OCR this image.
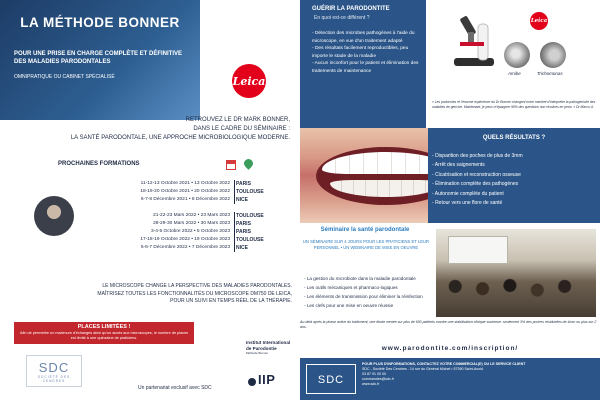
LA MÉTHODE BONNER
POUR UNE PRISE EN CHARGE COMPLÈTE ET DÉFINITIVE DES MALADIES PARODONTALES
OMNIPRATIQUE OU CABINET SPÉCIALISÉ	Leica
RETROUVEZ LE DR MARK BONNER,
DANS LE CADRE DU SÉMINAIRE :
LA SANTÉ PARODONTALE, UNE APPROCHE MICROBIOLOGIQUE MODERNE.
PROCHAINES FORMATIONS
11-12-13 Octobre 2021 • 13 Octobre 2022
18-19-20 Octobre 2021 • 20 Octobre 2022
6-7-8 Décembre 2021 • 8 Décembre 2022
21-22-23 Mars 2022 • 23 Mars 2023
28-29-30 Mars 2022 • 30 Mars 2023
3-4-5 Octobre 2022 • 5 Octobre 2023
17-18-19 Octobre 2022 • 19 Octobre 2023
5-6-7 Décembre 2022 • 7 Décembre 2023
PARIS
TOULOUSE
NICE
TOULOUSE
PARIS
PARIS
TOULOUSE
NICE
LE MICROSCOPE CHANGE LA PERSPECTIVE DES MALADIES PARODONTALES.
MAÎTRISEZ TOUTES LES FONCTIONNALITÉS DU MICROSCOPE DM750 DE LEICA,
POUR UN SUIVI EN TEMPS RÉEL DE LA THÉRAPIE.
PLACES LIMITÉES !
Afin de permettre un maximum d'échanges ainsi qu'un accès aux microscopes, le nombre de places est limité à une quinzaine de praticiens.
SDC
SOCIÉTÉ DES CENDRES
Un partenariat exclusif avec SDC
Institut International de Parodontie
Méthode Bonner
IIP
GUÉRIR LA PARODONTITE
En quoi est-ce différent ?
- Détection des microbes pathogènes à l'aide du microscope, en vue d'un traitement adapté
- Des résultats facilement reproductibles, peu importe le stade de la maladie
- Aucun inconfort pour le patient et élimination des traitements de maintenance
Leica
Amibe	Trichomonas
« Les protocoles et l'énorme expérience du Dr Bonner changent notre manière d'interpréter la pathogénicité des maladies de gencive. Maintenant, je peux m'épargner 95% des questions non résolues en perio. » Dr Marco G.
QUELS RÉSULTATS ?
- Disparition des poches de plus de 3mm
- Arrêt des saignements
- Cicatrisation et reconstruction osseuse
- Élimination complète des pathogènes
- Autonomie complète du patient
- Retour vers une flore de santé
Séminaire la santé parodontale
UN SÉMINAIRE SUR 4 JOURS POUR LES PRATICIENS ET LEUR PERSONNEL • UN WEBINAIRE DE MISE EN OEUVRE
- La gestion du microbiote dans la maladie parodontale
- Les outils mécaniques et pharmaco-logiques
- Les éléments de transmission pour éliminer la réinfection
- Les clefs pour une mise en oeuvre réussie
Au-delà après la phase active du traitement, une étude menée sur plus de 600 patients montre une stabilisation clinique soutenue: seulement 3% des poches résiduelles de 4mm ou plus sur 2 ans.
www.parodontite.com/inscription/
SDC
POUR PLUS D'INFORMATIONS, CONTACTEZ VOTRE COMMERCIAL(E) OU LE SERVICE CLIENT
SDC - Société Des Cendres - 14 rue du Général Michel • 57390 Saint-Avold
03 87 91 00 00
commandes@sdc.fr
www.sdc.fr
